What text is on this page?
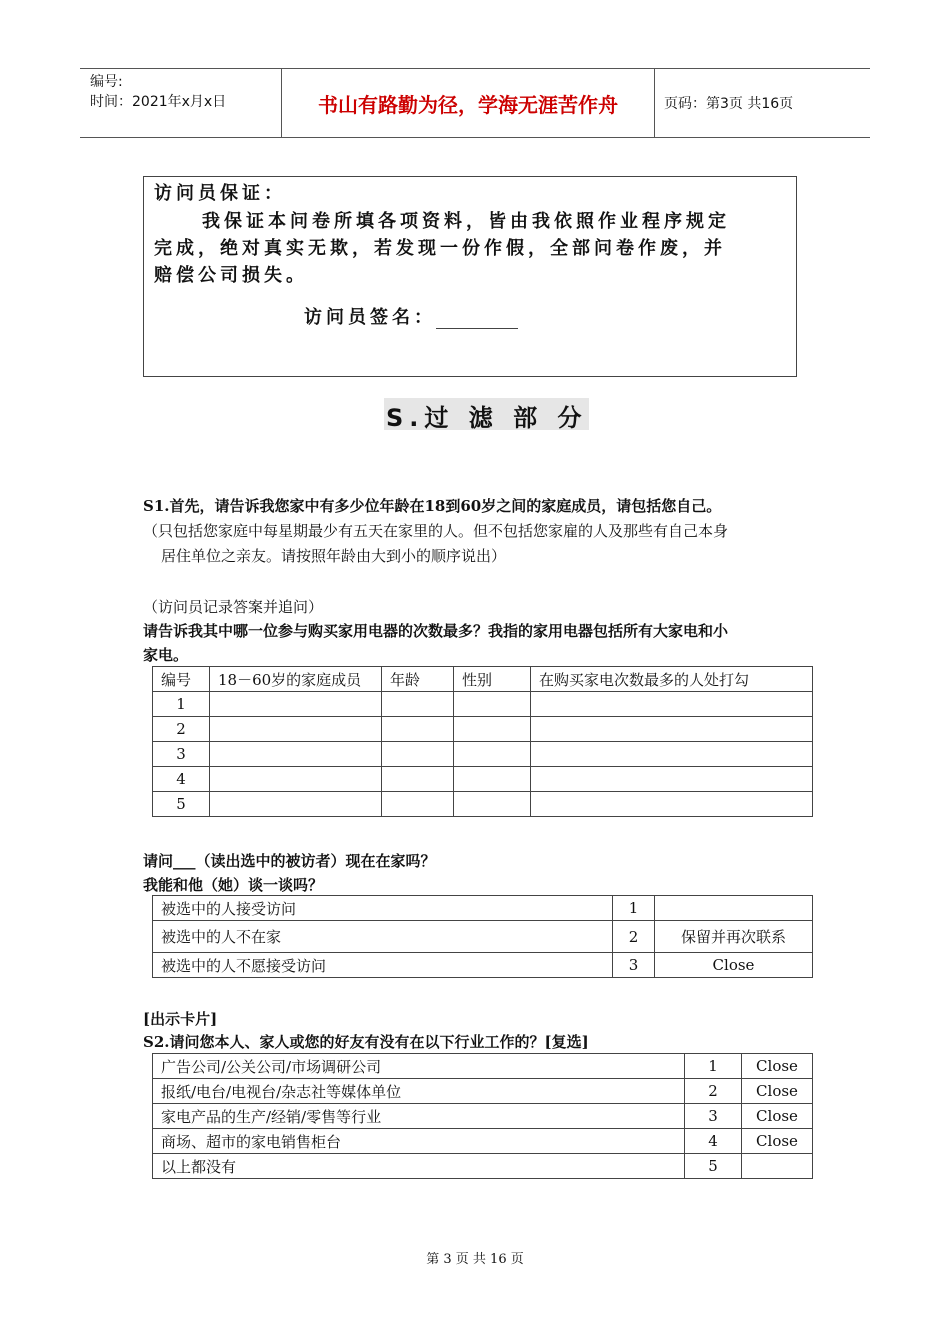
编号:
时间：2021年x月x日	书山有路勤为径，学海无涯苦作舟	页码：第3页 共16页
访问员保证：
我保证本问卷所填各项资料，皆由我依照作业程序规定
完成，绝对真实无欺，若发现一份作假，全部问卷作废，并
赔偿公司损失。
访问员签名：
S.过 滤 部 分
S1.首先，请告诉我您家中有多少位年龄在18到60岁之间的家庭成员，请包括您自己。
（只包括您家庭中每星期最少有五天在家里的人。但不包括您家雇的人及那些有自己本身
居住单位之亲友。请按照年龄由大到小的顺序说出）
（访问员记录答案并追问）
请告诉我其中哪一位参与购买家用电器的次数最多？我指的家用电器包括所有大家电和小
家电。
编号	18－60岁的家庭成员	年龄	性别	在购买家电次数最多的人处打勾
1				
2				
3				
4				
5				
请问___（读出选中的被访者）现在在家吗？
我能和他（她）谈一谈吗？
被选中的人接受访问	1	
被选中的人不在家	2	保留并再次联系
被选中的人不愿接受访问	3	Close
[出示卡片]
S2.请问您本人、家人或您的好友有没有在以下行业工作的？[复选]
广告公司/公关公司/市场调研公司	1	Close
报纸/电台/电视台/杂志社等媒体单位	2	Close
家电产品的生产/经销/零售等行业	3	Close
商场、超市的家电销售柜台	4	Close
以上都没有	5	
第 3 页 共 16 页
